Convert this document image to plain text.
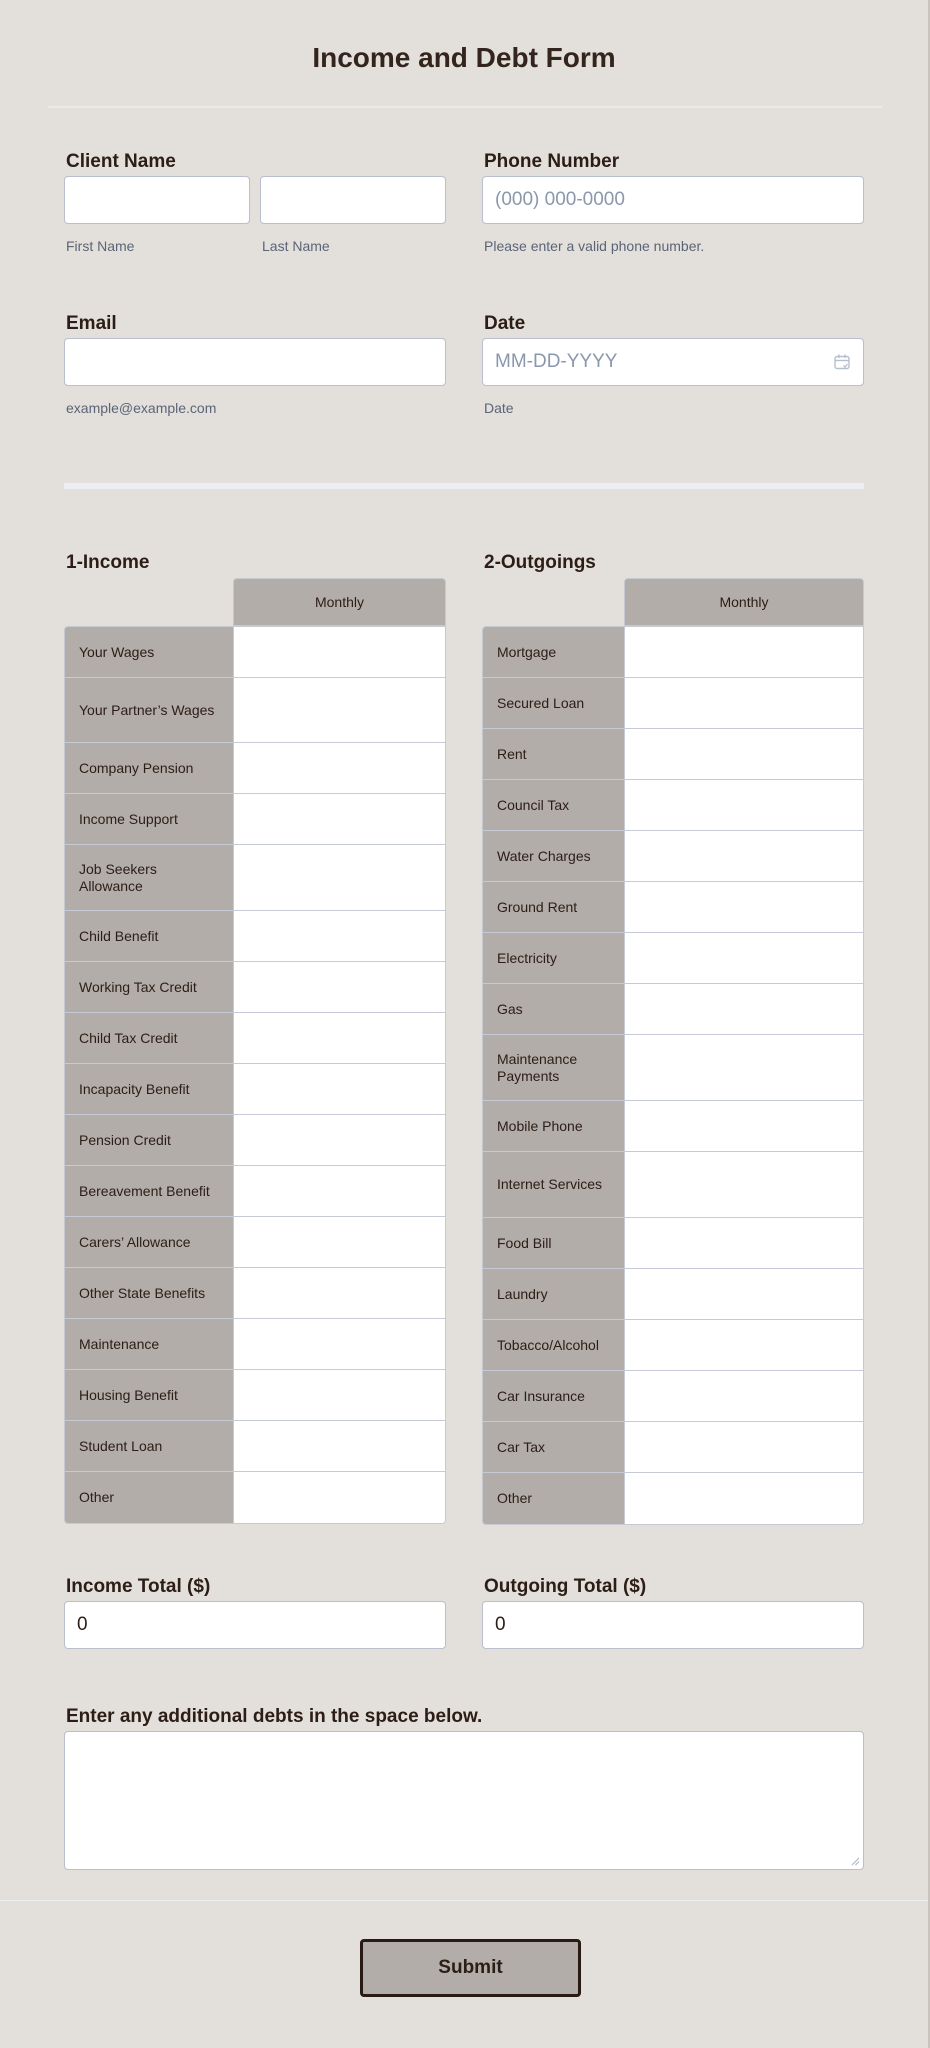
Income and Debt Form
Client Name
First Name	Last Name
Phone Number
(000) 000-0000
Please enter a valid phone number.
Email
example@example.com
Date
MM-DD-YYYY
Date
1-Income
Monthly
Your Wages
Your Partner’s Wages
Company Pension
Income Support
Job Seekers Allowance
Child Benefit
Working Tax Credit
Child Tax Credit
Incapacity Benefit
Pension Credit
Bereavement Benefit
Carers’ Allowance
Other State Benefits
Maintenance
Housing Benefit
Student Loan
Other
2-Outgoings
Monthly
Mortgage
Secured Loan
Rent
Council Tax
Water Charges
Ground Rent
Electricity
Gas
Maintenance Payments
Mobile Phone
Internet Services
Food Bill
Laundry
Tobacco/Alcohol
Car Insurance
Car Tax
Other
Income Total ($)
0	Outgoing Total ($)
0
Enter any additional debts in the space below.
Submit
